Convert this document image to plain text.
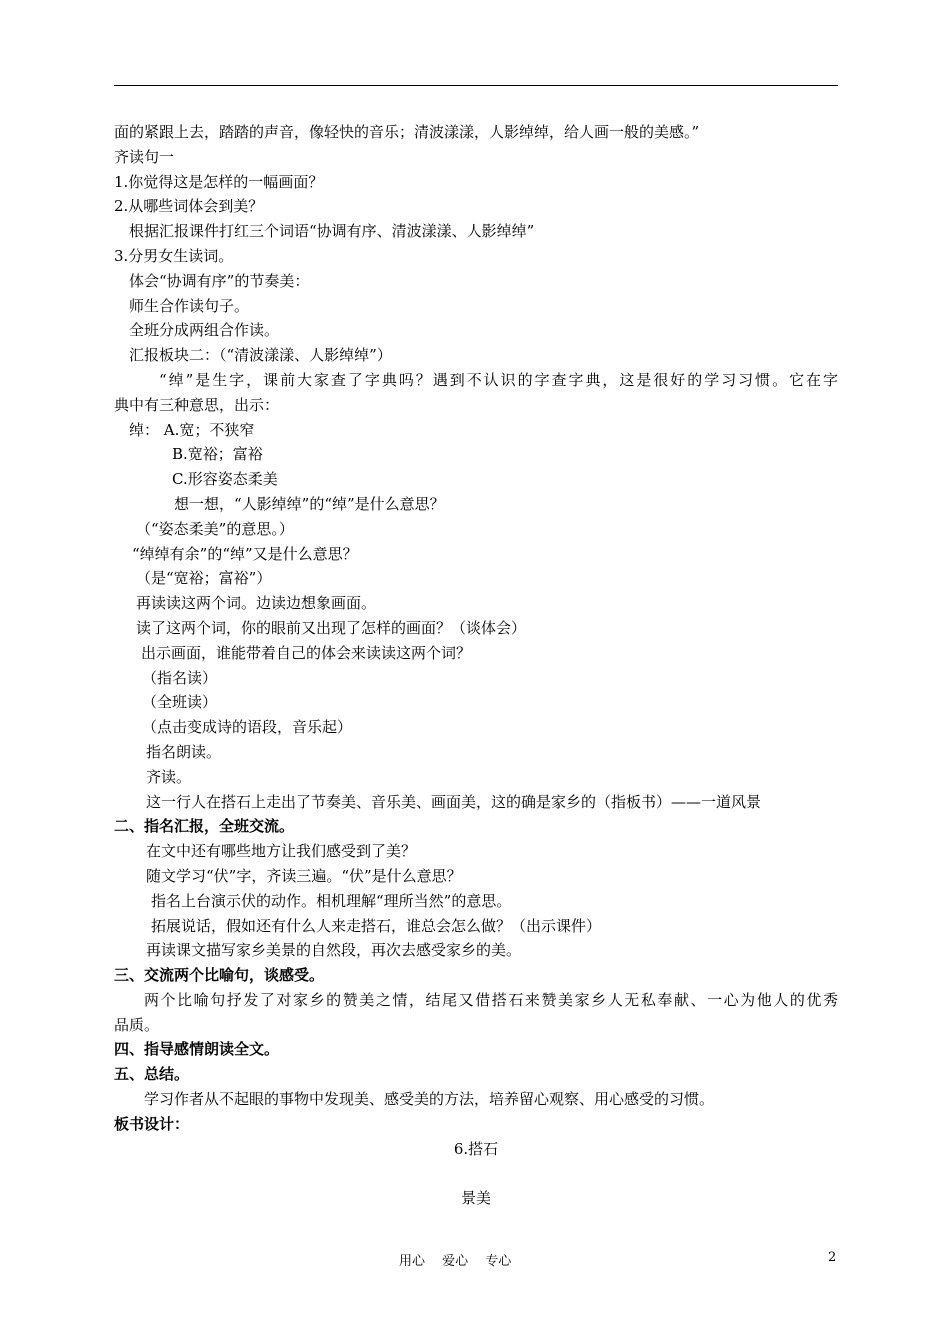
面的紧跟上去，踏踏的声音，像轻快的音乐；清波漾漾，人影绰绰，给人画一般的美感。”
齐读句一
1.你觉得这是怎样的一幅画面？
2.从哪些词体会到美？
根据汇报课件打红三个词语“协调有序、清波漾漾、人影绰绰”
3.分男女生读词。
体会“协调有序”的节奏美：
师生合作读句子。
全班分成两组合作读。
汇报板块二：（“清波漾漾、人影绰绰”）
“绰”是生字，课前大家查了字典吗？遇到不认识的字查字典，这是很好的学习习惯。它在字
典中有三种意思，出示：
绰： A.宽；不狭窄
B.宽裕；富裕
C.形容姿态柔美
想一想，“人影绰绰”的“绰”是什么意思？
（“姿态柔美”的意思。）
“绰绰有余”的“绰”又是什么意思？
（是“宽裕；富裕”）
再读读这两个词。边读边想象画面。
读了这两个词，你的眼前又出现了怎样的画面？（谈体会）
出示画面，谁能带着自己的体会来读读这两个词？
（指名读）
（全班读）
（点击变成诗的语段，音乐起）
指名朗读。
齐读。
这一行人在搭石上走出了节奏美、音乐美、画面美，这的确是家乡的（指板书）——一道风景
二、指名汇报，全班交流。
在文中还有哪些地方让我们感受到了美？
随文学习“伏”字，齐读三遍。“伏”是什么意思？
指名上台演示伏的动作。相机理解“理所当然”的意思。
拓展说话，假如还有什么人来走搭石，谁总会怎么做？（出示课件）
再读课文描写家乡美景的自然段，再次去感受家乡的美。
三、交流两个比喻句，谈感受。
两个比喻句抒发了对家乡的赞美之情，结尾又借搭石来赞美家乡人无私奉献、一心为他人的优秀
品质。
四、指导感情朗读全文。
五、总结。
学习作者从不起眼的事物中发现美、感受美的方法，培养留心观察、用心感受的习惯。
板书设计：
6.搭石
景美
用心　 爱心　 专心	2
